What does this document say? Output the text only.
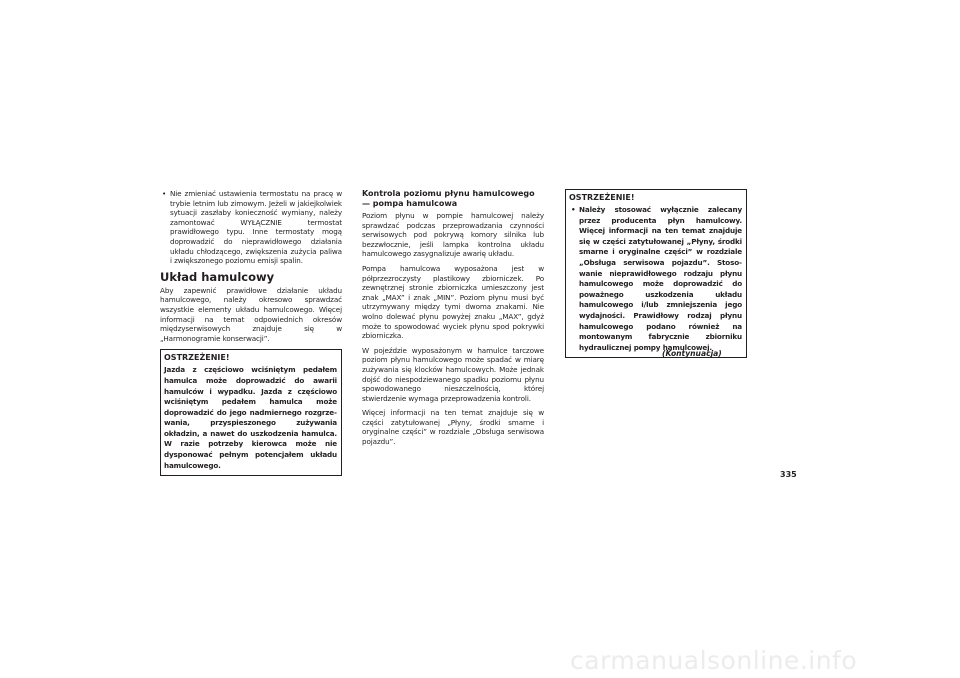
• Nie zmieniać ustawienia termostatu na pracę w trybie letnim lub zimowym. Jeżeli w jakiejkolwiek sytuacji zaszłaby konieczność wymiany, należy zamontować WYŁĄCZNIE termostat prawidłowego typu. Inne termostaty mogą doprowadzić do nieprawidłowego działania układu chłodzącego, zwiększenia zużycia paliwa i zwiększonego poziomu emisji spalin.

Układ hamulcowy

Aby zapewnić prawidłowe działanie układu hamulcowego, należy okresowo sprawdzać wszystkie elementy układu hamulcowego. Więcej informacji na temat odpowiednich okresów międzyserwisowych znajduje się w „Harmonogramie konserwacji”.

OSTRZEŻENIE!

Jazda z częściowo wciśniętym pedałem hamulca może doprowadzić do awarii hamulców i wypadku. Jazda z częściowo wciśniętym pedałem hamulca może doprowadzić do jego nadmiernego rozgrzewania, przyspieszonego zużywania okładzin, a nawet do uszkodzenia hamulca. W razie potrzeby kierowca może nie dysponować pełnym potencjałem układu hamulcowego.

Kontrola poziomu płynu hamulcowego — pompa hamulcowa

Poziom płynu w pompie hamulcowej należy sprawdzać podczas przeprowadzania czynności serwisowych pod pokrywą komory silnika lub bezzwłocznie, jeśli lampka kontrolna układu hamulcowego zasygnalizuje awarię układu.

Pompa hamulcowa wyposażona jest w półprzezroczysty plastikowy zbiorniczek. Po zewnętrznej stronie zbiorniczka umieszczony jest znak „MAX” i znak „MIN”. Poziom płynu musi być utrzymywany między tymi dwoma znakami. Nie wolno dolewać płynu powyżej znaku „MAX”, gdyż może to spowodować wyciek płynu spod pokrywki zbiorniczka.

W pojeździe wyposażonym w hamulce tarczowe poziom płynu hamulcowego może spadać w miarę zużywania się klocków hamulcowych. Może jednak dojść do niespodziewanego spadku poziomu płynu spowodowanego nieszczelnością, której stwierdzenie wymaga przeprowadzenia kontroli.

Więcej informacji na ten temat znajduje się w części zatytułowanej „Płyny, środki smarne i oryginalne części” w rozdziale „Obsługa serwisowa pojazdu”.

OSTRZEŻENIE!

• Należy stosować wyłącznie zalecany przez producenta płyn hamulcowy. Więcej informacji na ten temat znajduje się w części zatytułowanej „Płyny, środki smarne i oryginalne części” w rozdziale „Obsługa serwisowa pojazdu”. Stosowanie nieprawidłowego rodzaju płynu hamulcowego może doprowadzić do poważnego uszkodzenia układu hamulcowego i/lub zmniejszenia jego wydajności. Prawidłowy rodzaj płynu hamulcowego podano również na montowanym fabrycznie zbiorniku hydraulicznej pompy hamulcowej.

(Kontynuacja)
335
carmanualsonline.info
